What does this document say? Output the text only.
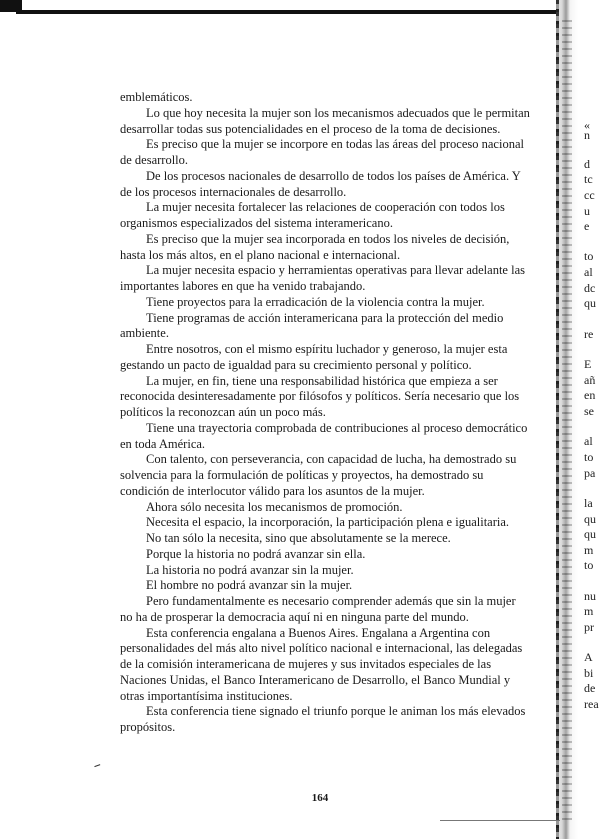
emblemáticos.

Lo que hoy necesita la mujer son los mecanismos adecuados que le permitan desarrollar todas sus potencialidades en el proceso de la toma de decisiones.

Es preciso que la mujer se incorpore en todas las áreas del proceso nacional de desarrollo.

De los procesos nacionales de desarrollo de todos los países de América. Y de los procesos internacionales de desarrollo.

La mujer necesita fortalecer las relaciones de cooperación con todos los organismos especializados del sistema interamericano.

Es preciso que la mujer sea incorporada en todos los niveles de decisión, hasta los más altos, en el plano nacional e internacional.

La mujer necesita espacio y herramientas operativas para llevar adelante las importantes labores en que ha venido trabajando.

Tiene proyectos para la erradicación de la violencia contra la mujer.

Tiene programas de acción interamericana para la protección del medio ambiente.

Entre nosotros, con el mismo espíritu luchador y generoso, la mujer esta gestando un pacto de igualdad para su crecimiento personal y político.

La mujer, en fin, tiene una responsabilidad histórica que empieza a ser reconocida desinteresadamente por filósofos y políticos. Sería necesario que los políticos la reconozcan aún un poco más.

Tiene una trayectoria comprobada de contribuciones al proceso democrático en toda América.

Con talento, con perseverancia, con capacidad de lucha, ha demostrado su solvencia para la formulación de políticas y proyectos, ha demostrado su condición de interlocutor válido para los asuntos de la mujer.

Ahora sólo necesita los mecanismos de promoción.

Necesita el espacio, la incorporación, la participación plena e igualitaria.

No tan sólo la necesita, sino que absolutamente se la merece.

Porque la historia no podrá avanzar sin ella.

La historia no podrá avanzar sin la mujer.

El hombre no podrá avanzar sin la mujer.

Pero fundamentalmente es necesario comprender además que sin la mujer no ha de prosperar la democracia aquí ni en ninguna parte del mundo.

Esta conferencia engalana a Buenos Aires. Engalana a Argentina con personalidades del más alto nivel político nacional e internacional, las delegadas de la comisión interamericana de mujeres y sus invitados especiales de las Naciones Unidas, el Banco Interamericano de Desarrollo, el Banco Mundial y otras importantísima instituciones.

Esta conferencia tiene signado el triunfo porque le animan los más elevados propósitos.

164
«
n
d
tc
cc
u
e
to
al
dc
qu
re
E
añ
en
se
al
to
pa
la
qu
qu
m
to
nu
m
pr
A
bi
de
rea
